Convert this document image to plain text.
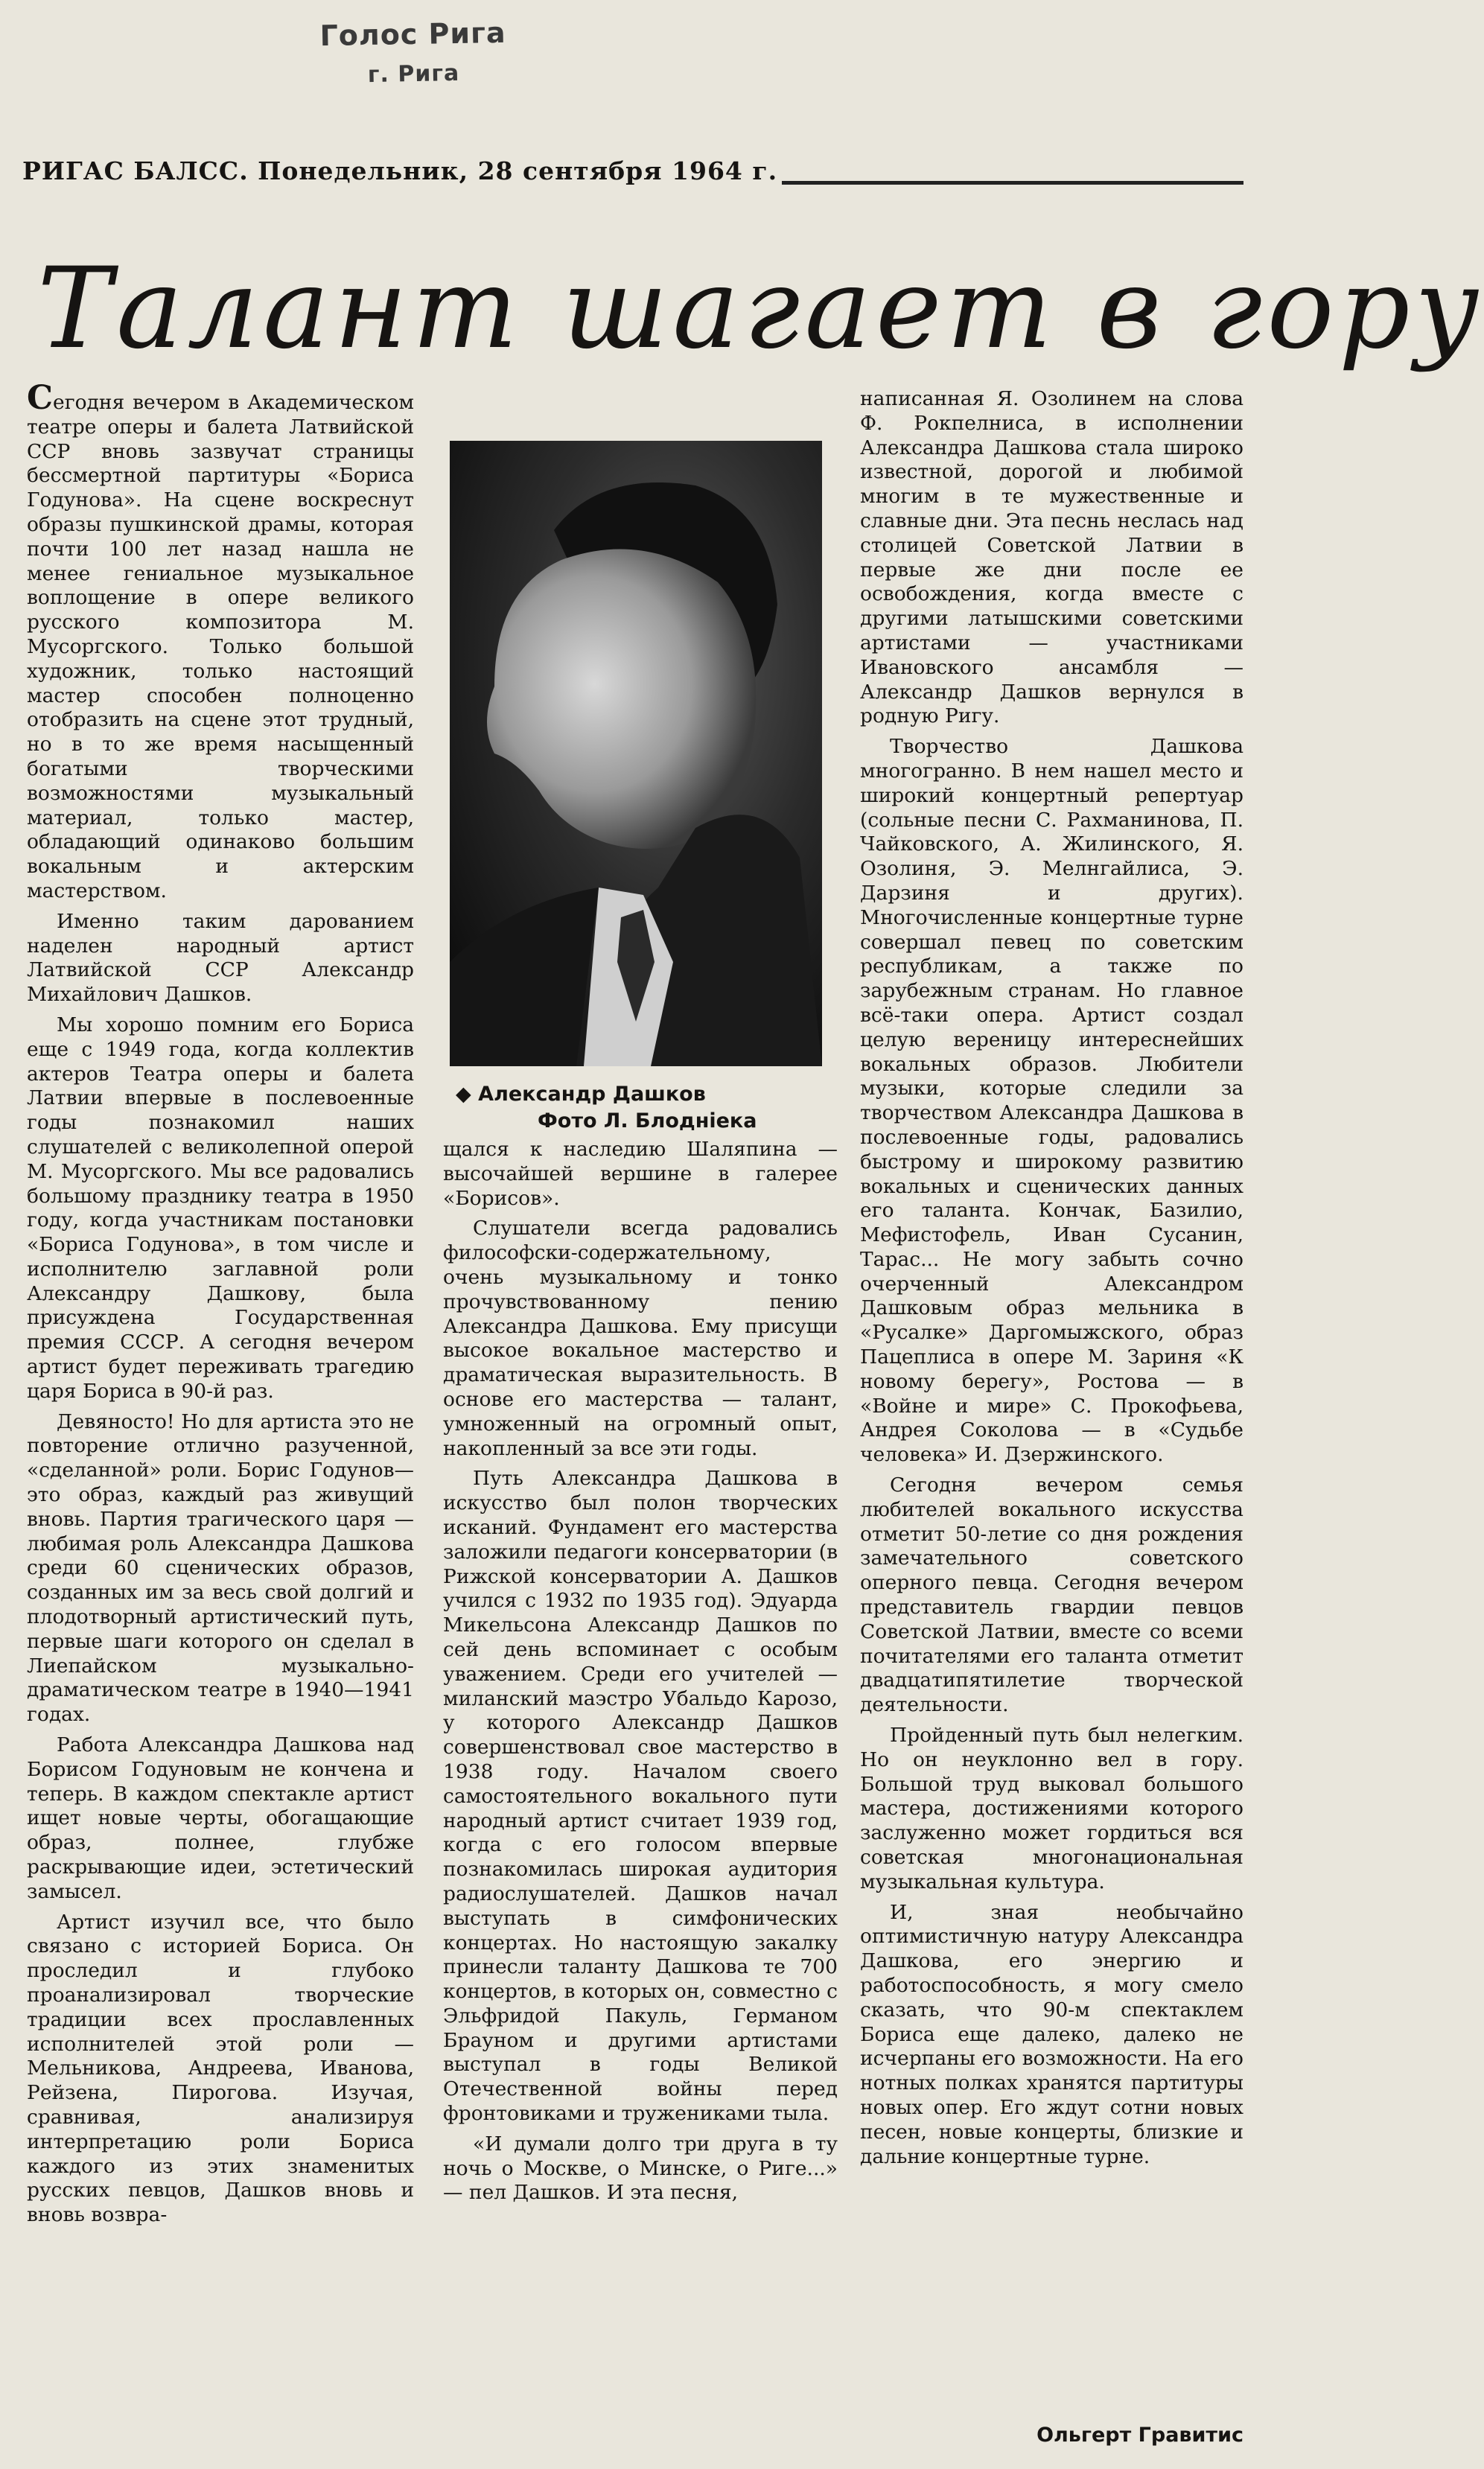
Голос Рига
г. Рига
РИГАС БАЛСС. Понедельник, 28 сентября 1964 г.
Талант шагает в гору

Сегодня вечером в Академическом театре оперы и балета Латвийской ССР вновь зазвучат страницы бессмертной партитуры «Бориса Годунова». На сцене воскреснут образы пушкинской драмы, которая почти 100 лет назад нашла не менее гениальное музыкальное воплощение в опере великого русского композитора М. Мусоргского. Только большой художник, только настоящий мастер способен полноценно отобразить на сцене этот трудный, но в то же время насыщенный богатыми творческими возможностями музыкальный материал, только мастер, обладающий одинаково большим вокальным и актерским мастерством.

Именно таким дарованием наделен народный артист Латвийской ССР Александр Михайлович Дашков.

Мы хорошо помним его Бориса еще с 1949 года, когда коллектив актеров Театра оперы и балета Латвии впервые в послевоенные годы познакомил наших слушателей с великолепной оперой М. Мусоргского. Мы все радовались большому празднику театра в 1950 году, когда участникам постановки «Бориса Годунова», в том числе и исполнителю заглавной роли Александру Дашкову, была присуждена Государственная премия СССР. А сегодня вечером артист будет переживать трагедию царя Бориса в 90-й раз.

Девяносто! Но для артиста это не повторение отлично разученной, «сделанной» роли. Борис Годунов—это образ, каждый раз живущий вновь. Партия трагического царя — любимая роль Александра Дашкова среди 60 сценических образов, созданных им за весь свой долгий и плодотворный артистический путь, первые шаги которого он сделал в Лиепайском музыкально-драматическом театре в 1940—1941 годах.

Работа Александра Дашкова над Борисом Годуновым не кончена и теперь. В каждом спектакле артист ищет новые черты, обогащающие образ, полнее, глубже раскрывающие идеи, эстетический замысел.

Артист изучил все, что было связано с историей Бориса. Он проследил и глубоко проанализировал творческие традиции всех прославленных исполнителей этой роли — Мельникова, Андреева, Иванова, Рейзена, Пирогова. Изучая, сравнивая, анализируя интерпретацию роли Бориса каждого из этих знаменитых русских певцов, Дашков вновь и вновь возвра-

◆ Александр Дашков
Фото Л. Блоднieка

щался к наследию Шаляпина — высочайшей вершине в галерее «Борисов».

Слушатели всегда радовались философски-содержательному, очень музыкальному и тонко прочувствованному пению Александра Дашкова. Ему присущи высокое вокальное мастерство и драматическая выразительность. В основе его мастерства — талант, умноженный на огромный опыт, накопленный за все эти годы.

Путь Александра Дашкова в искусство был полон творческих исканий. Фундамент его мастерства заложили педагоги консерватории (в Рижской консерватории А. Дашков учился с 1932 по 1935 год). Эдуарда Микельсона Александр Дашков по сей день вспоминает с особым уважением. Среди его учителей — миланский маэстро Убальдо Карозо, у которого Александр Дашков совершенствовал свое мастерство в 1938 году. Началом своего самостоятельного вокального пути народный артист считает 1939 год, когда с его голосом впервые познакомилась широкая аудитория радиослушателей. Дашков начал выступать в симфонических концертах. Но настоящую закалку принесли таланту Дашкова те 700 концертов, в которых он, совместно с Эльфридой Пакуль, Германом Брауном и другими артистами выступал в годы Великой Отечественной войны перед фронтовиками и тружениками тыла.

«И думали долго три друга в ту ночь о Москве, о Минске, о Риге...» — пел Дашков. И эта песня,

написанная Я. Озолинем на слова Ф. Рокпелниса, в исполнении Александра Дашкова стала широко известной, дорогой и любимой многим в те мужественные и славные дни. Эта песнь неслась над столицей Советской Латвии в первые же дни после ее освобождения, когда вместе с другими латышскими советскими артистами — участниками Ивановского ансамбля — Александр Дашков вернулся в родную Ригу.

Творчество Дашкова многогранно. В нем нашел место и широкий концертный репертуар (сольные песни С. Рахманинова, П. Чайковского, А. Жилинского, Я. Озолиня, Э. Мелнгайлиса, Э. Дарзиня и других). Многочисленные концертные турне совершал певец по советским республикам, а также по зарубежным странам. Но главное всё-таки опера. Артист создал целую вереницу интереснейших вокальных образов. Любители музыки, которые следили за творчеством Александра Дашкова в послевоенные годы, радовались быстрому и широкому развитию вокальных и сценических данных его таланта. Кончак, Базилио, Мефистофель, Иван Сусанин, Тарас... Не могу забыть сочно очерченный Александром Дашковым образ мельника в «Русалке» Даргомыжского, образ Пацеплиса в опере М. Зариня «К новому берегу», Ростова — в «Войне и мире» С. Прокофьева, Андрея Соколова — в «Судьбе человека» И. Дзержинского.

Сегодня вечером семья любителей вокального искусства отметит 50-летие со дня рождения замечательного советского оперного певца. Сегодня вечером представитель гвардии певцов Советской Латвии, вместе со всеми почитателями его таланта отметит двадцатипятилетие творческой деятельности.

Пройденный путь был нелегким. Но он неуклонно вел в гору. Большой труд выковал большого мастера, достижениями которого заслуженно может гордиться вся советская многонациональная музыкальная культура.

И, зная необычайно оптимистичную натуру Александра Дашкова, его энергию и работоспособность, я могу смело сказать, что 90-м спектаклем Бориса еще далеко, далеко не исчерпаны его возможности. На его нотных полках хранятся партитуры новых опер. Его ждут сотни новых песен, новые концерты, близкие и дальние концертные турне.

Ольгерт Гравитис
